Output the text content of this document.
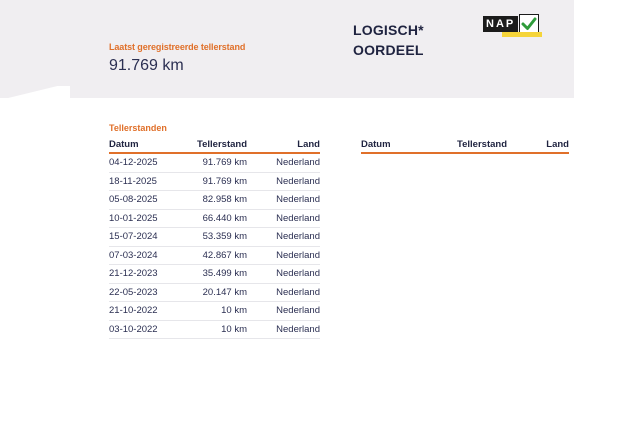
Laatst geregistreerde tellerstand
91.769 km
LOGISCH*
OORDEEL
NAP
Tellerstanden
Datum	Tellerstand	Land
04-12-2025	91.769 km	Nederland
18-11-2025	91.769 km	Nederland
05-08-2025	82.958 km	Nederland
10-01-2025	66.440 km	Nederland
15-07-2024	53.359 km	Nederland
07-03-2024	42.867 km	Nederland
21-12-2023	35.499 km	Nederland
22-05-2023	20.147 km	Nederland
21-10-2022	10 km	Nederland
03-10-2022	10 km	Nederland
Datum	Tellerstand	Land
